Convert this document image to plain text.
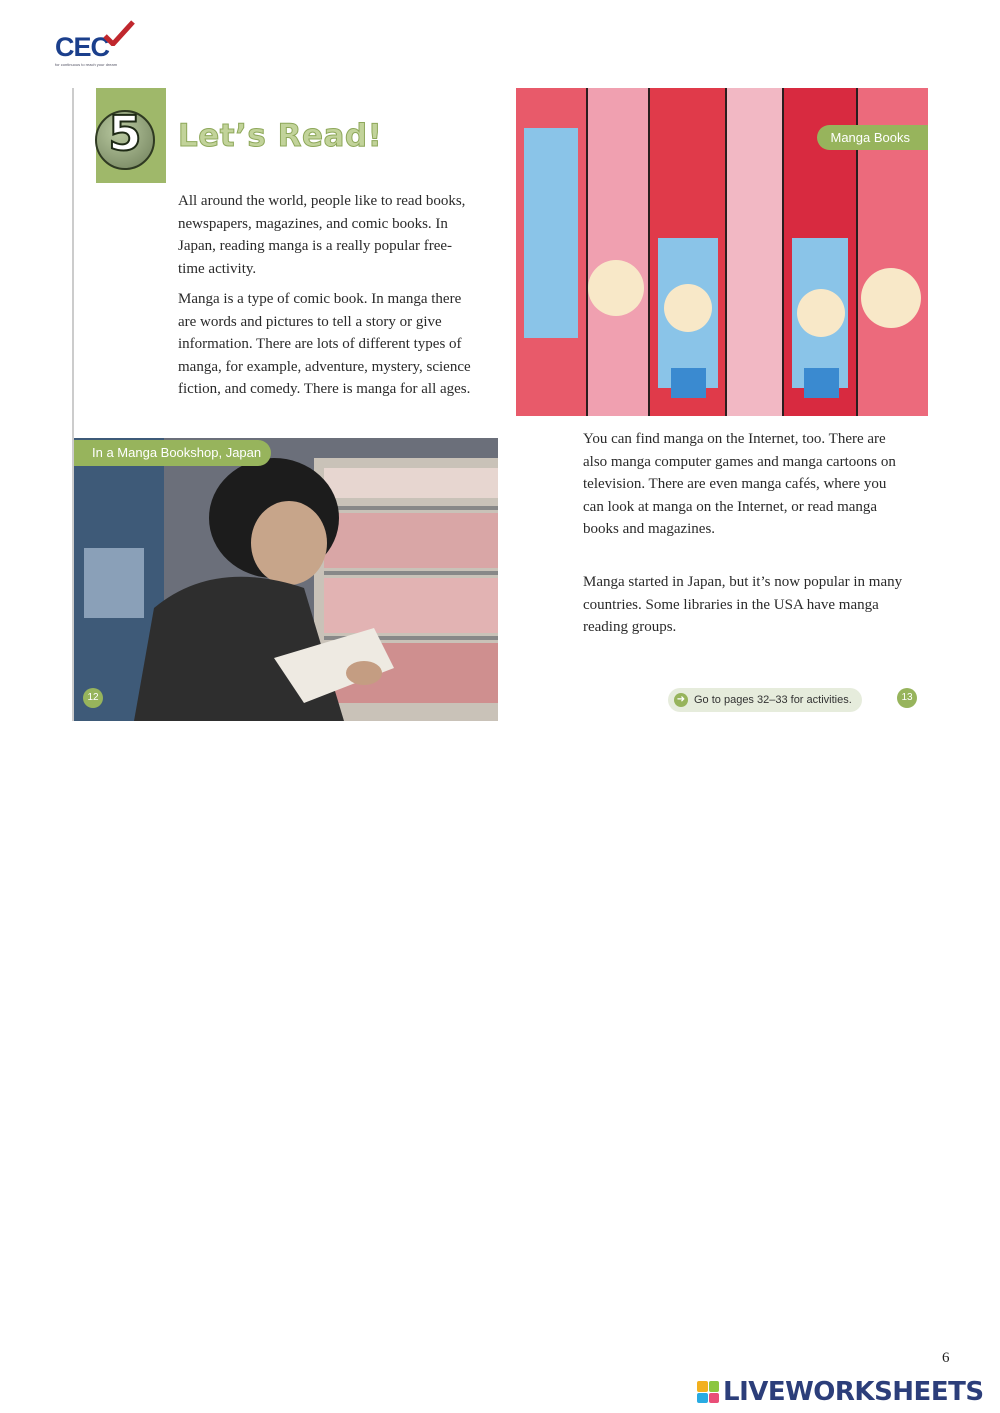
CEC
for continuous to reach your dream
5	Let’s Read!

All around the world, people like to read books, newspapers, magazines, and comic books. In Japan, reading manga is a really popular free-time activity.

Manga is a type of comic book. In manga there are words and pictures to tell a story or give information. There are lots of different types of manga, for example, adventure, mystery, science fiction, and comedy. There is manga for all ages.

In a Manga Bookshop, Japan
12
Manga Books

You can find manga on the Internet, too. There are also manga computer games and manga cartoons on television. There are even manga cafés, where you can look at manga on the Internet, or read manga books and magazines.

Manga started in Japan, but it’s now popular in many countries. Some libraries in the USA have manga reading groups.

➜ Go to pages 32–33 for activities.	13
6
LIVEWORKSHEETS
